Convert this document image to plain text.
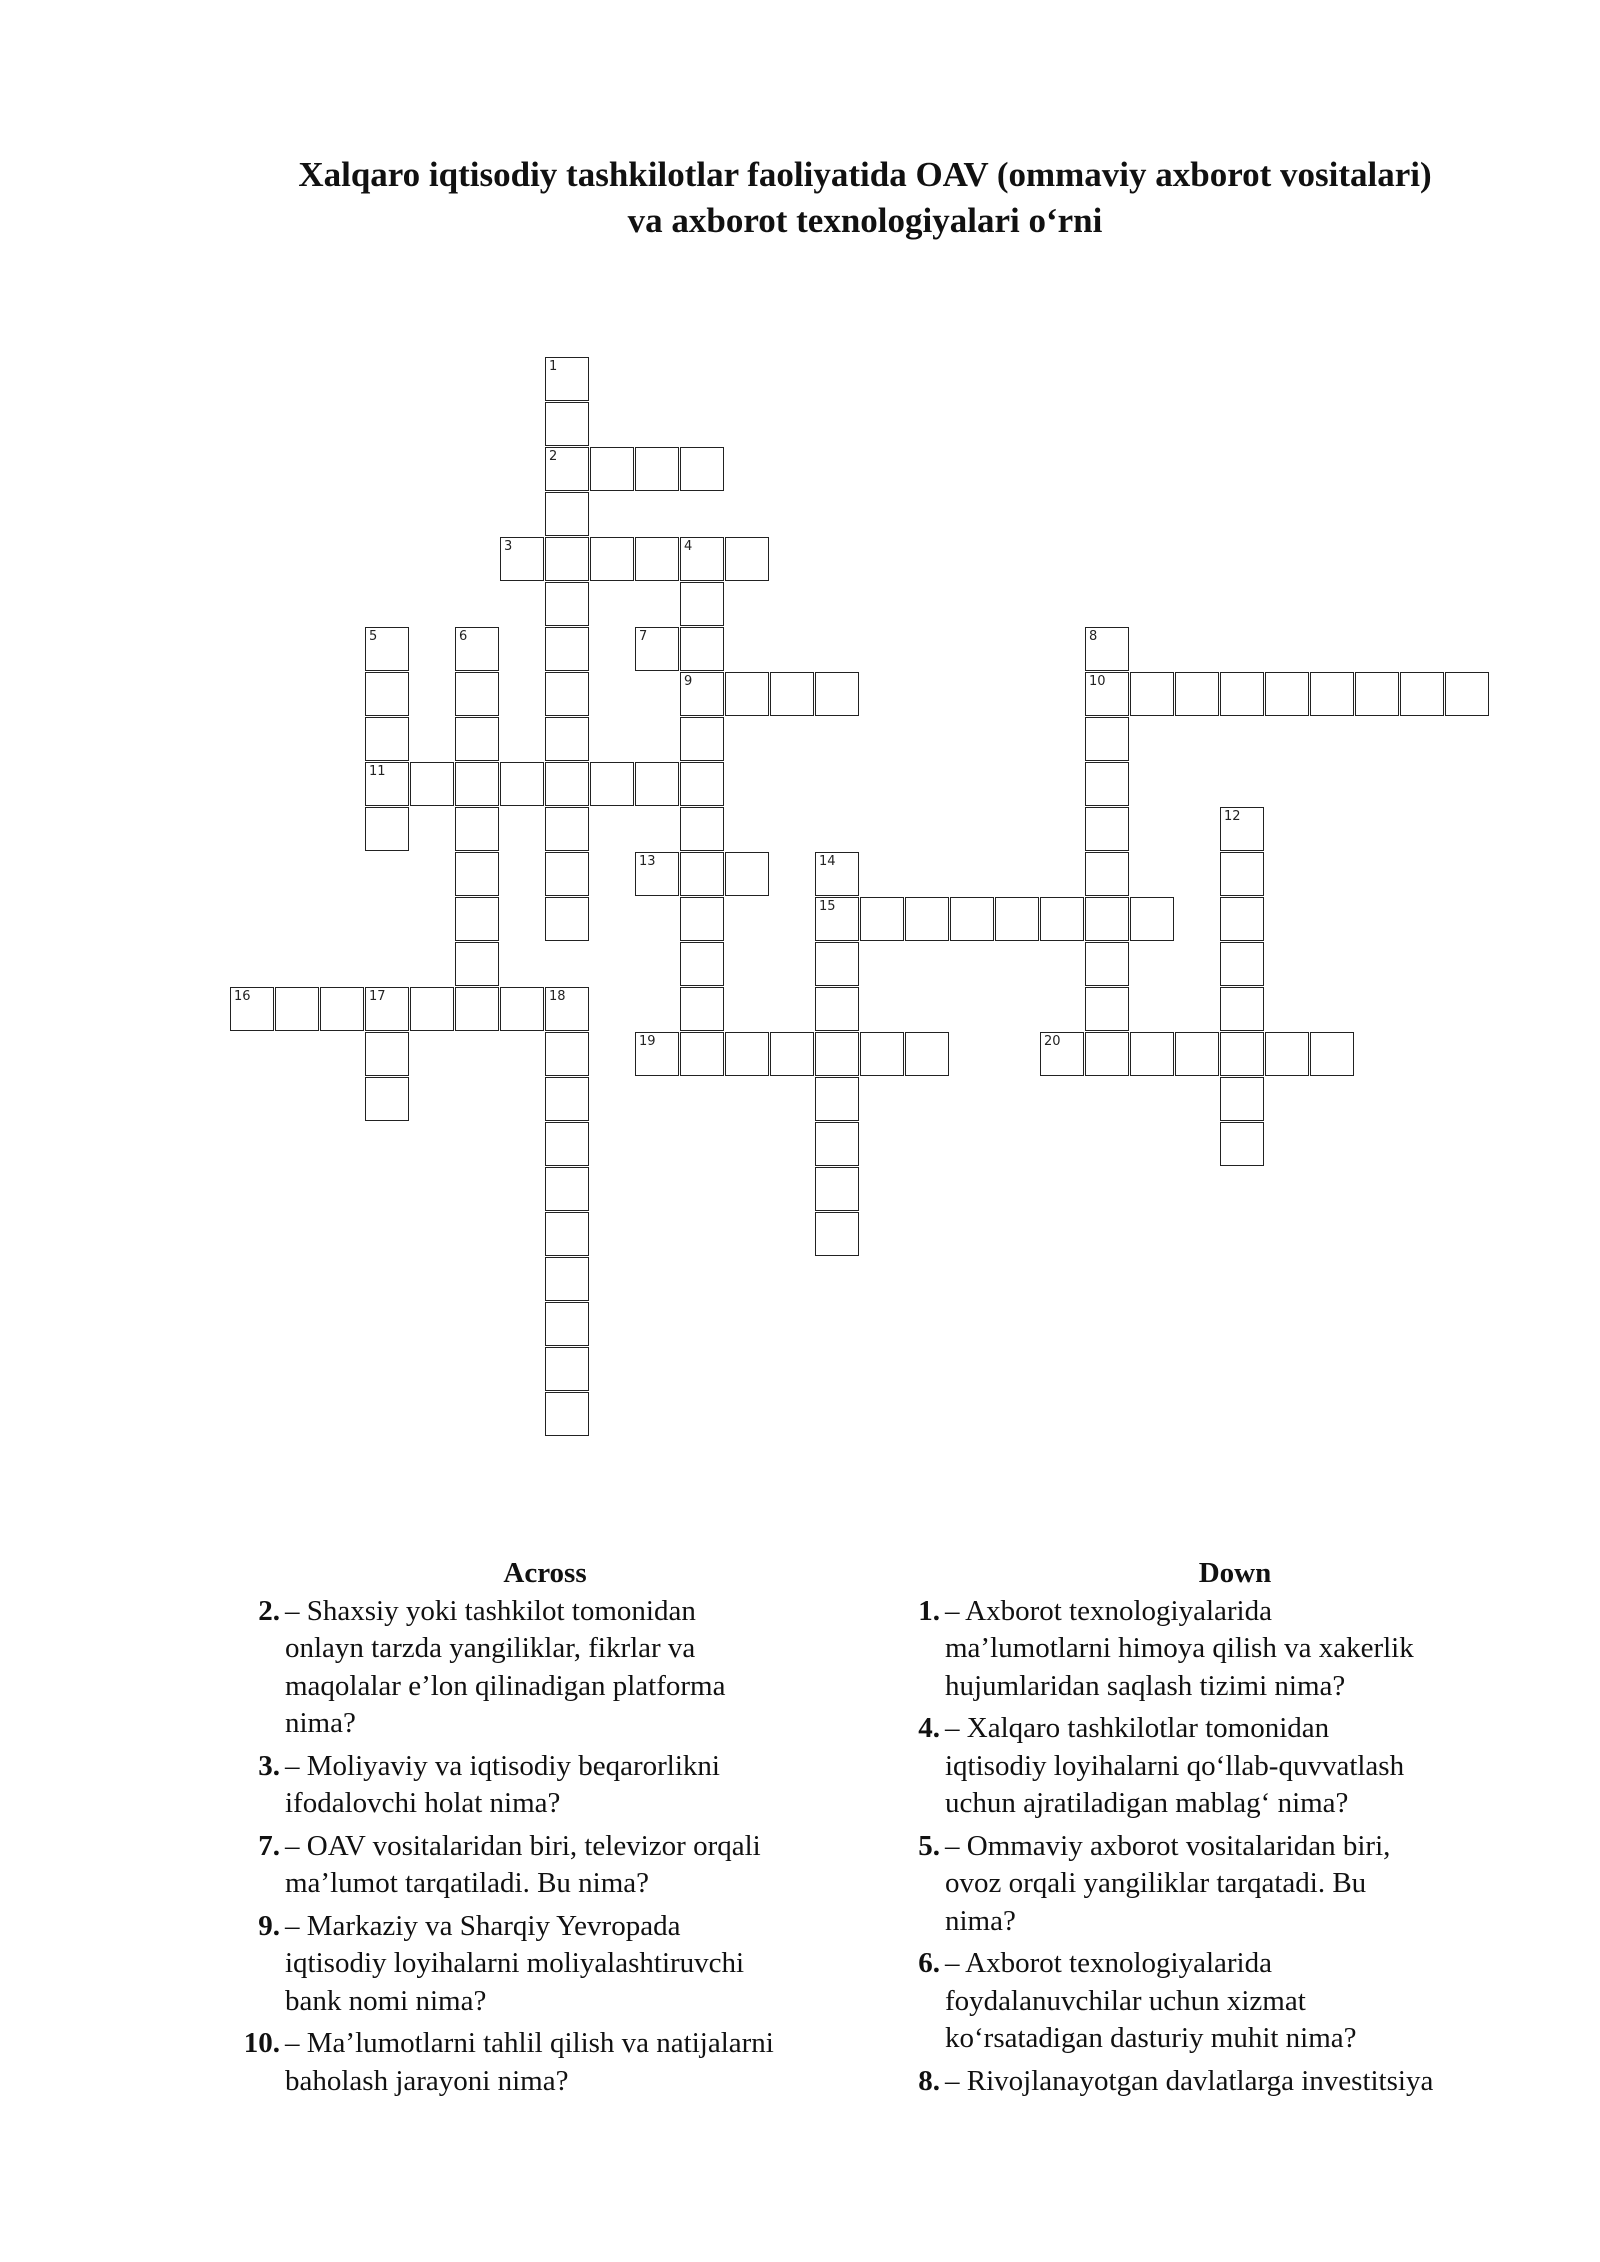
Xalqaro iqtisodiy tashkilotlar faoliyatida OAV (ommaviy axborot vositalari)
va axborot texnologiyalari o‘rni
2
3	4
9	10
11
13
15
16	17	18
19	20
1
5	6	7	8
12
14
Across
2. – Shaxsiy yoki tashkilot tomonidan
onlayn tarzda yangiliklar, fikrlar va
maqolalar e’lon qilinadigan platforma
nima?
3. – Moliyaviy va iqtisodiy beqarorlikni
ifodalovchi holat nima?
7. – OAV vositalaridan biri, televizor orqali
ma’lumot tarqatiladi. Bu nima?
9. – Markaziy va Sharqiy Yevropada
iqtisodiy loyihalarni moliyalashtiruvchi
bank nomi nima?
10. – Ma’lumotlarni tahlil qilish va natijalarni
baholash jarayoni nima?
Down
1. – Axborot texnologiyalarida
ma’lumotlarni himoya qilish va xakerlik
hujumlaridan saqlash tizimi nima?
4. – Xalqaro tashkilotlar tomonidan
iqtisodiy loyihalarni qo‘llab-quvvatlash
uchun ajratiladigan mablag‘ nima?
5. – Ommaviy axborot vositalaridan biri,
ovoz orqali yangiliklar tarqatadi. Bu
nima?
6. – Axborot texnologiyalarida
foydalanuvchilar uchun xizmat
ko‘rsatadigan dasturiy muhit nima?
8. – Rivojlanayotgan davlatlarga investitsiya
